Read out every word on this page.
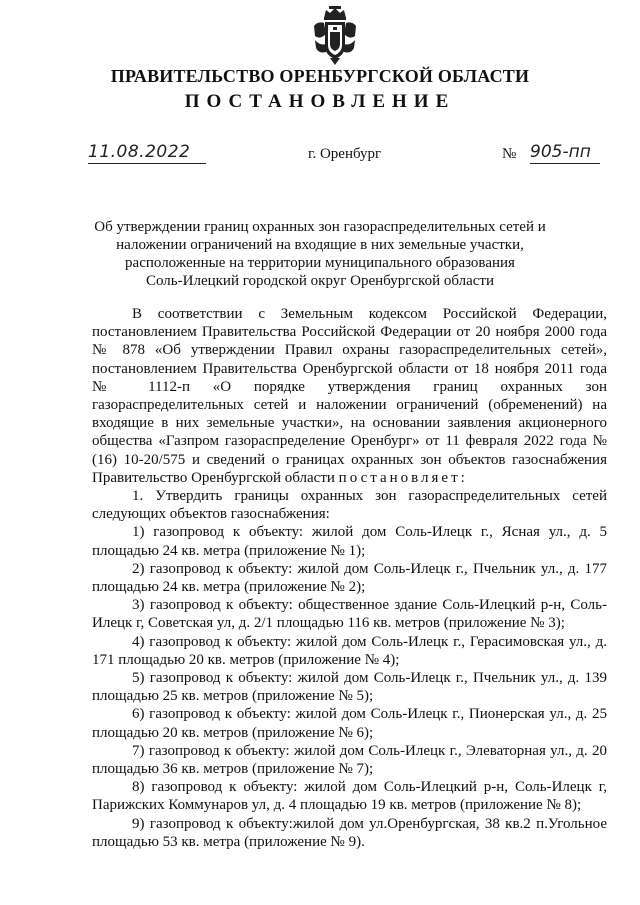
ПРАВИТЕЛЬСТВО ОРЕНБУРГСКОЙ ОБЛАСТИ
ПОСТАНОВЛЕНИЕ
11.08.2022	г. Оренбург	№ 905-пп
Об утверждении границ охранных зон газораспределительных сетей и
наложении ограничений на входящие в них земельные участки,
расположенные на территории муниципального образования
Соль-Илецкий городской округ Оренбургской области

В соответствии с Земельным кодексом Российской Федерации, постановлением Правительства Российской Федерации от 20 ноября 2000 года № 878 «Об утверждении Правил охраны газораспределительных сетей», постановлением Правительства Оренбургской области от 18 ноября 2011 года № 1112-п «О порядке утверждения границ охранных зон газораспределительных сетей и наложении ограничений (обременений) на входящие в них земельные участки», на основании заявления акционерного общества «Газпром газораспределение Оренбург» от 11 февраля 2022 года № (16) 10-20/575 и сведений о границах охранных зон объектов газоснабжения Правительство Оренбургской области постановляет:

1. Утвердить границы охранных зон газораспределительных сетей следующих объектов газоснабжения:

1) газопровод к объекту: жилой дом Соль-Илецк г., Ясная ул., д. 5 площадью 24 кв. метра (приложение № 1);

2) газопровод к объекту: жилой дом Соль-Илецк г., Пчельник ул., д. 177 площадью 24 кв. метра (приложение № 2);

3) газопровод к объекту: общественное здание Соль-Илецкий р-н, Соль-Илецк г, Советская ул, д. 2/1 площадью 116 кв. метров (приложение № 3);

4) газопровод к объекту: жилой дом Соль-Илецк г., Герасимовская ул., д. 171 площадью 20 кв. метров (приложение № 4);

5) газопровод к объекту: жилой дом Соль-Илецк г., Пчельник ул., д. 139 площадью 25 кв. метров (приложение № 5);

6) газопровод к объекту: жилой дом Соль-Илецк г., Пионерская ул., д. 25 площадью 20 кв. метров (приложение № 6);

7) газопровод к объекту: жилой дом Соль-Илецк г., Элеваторная ул., д. 20 площадью 36 кв. метров (приложение № 7);

8) газопровод к объекту: жилой дом Соль-Илецкий р-н, Соль-Илецк г, Парижских Коммунаров ул, д. 4 площадью 19 кв. метров (приложение № 8);

9) газопровод к объекту:жилой дом ул.Оренбургская, 38 кв.2 п.Угольное площадью 53 кв. метра (приложение № 9).
